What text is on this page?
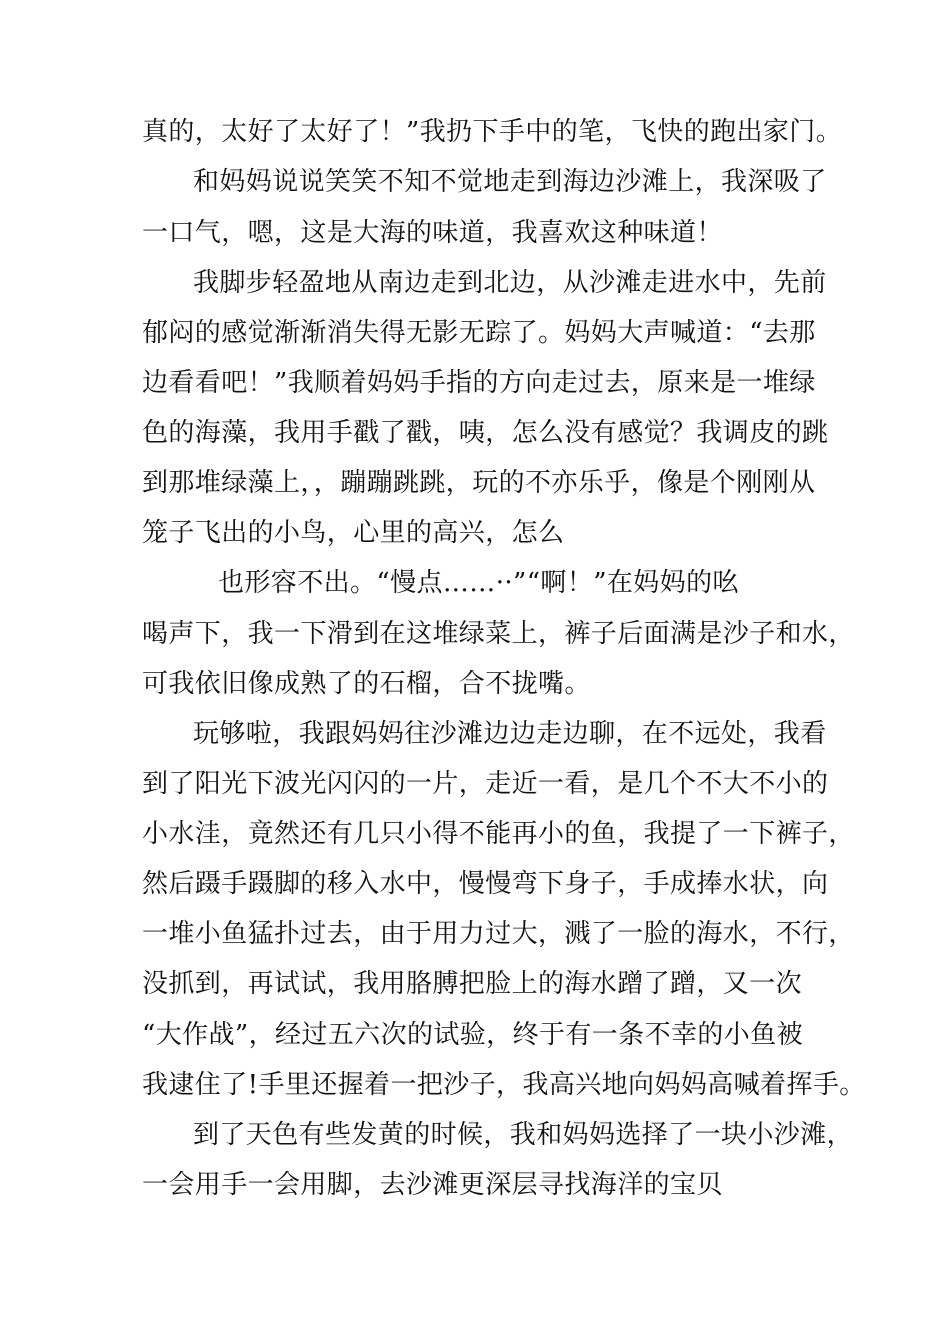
真的，太好了太好了！”我扔下手中的笔，飞快的跑出家门。
和妈妈说说笑笑不知不觉地走到海边沙滩上，我深吸了
一口气，嗯，这是大海的味道，我喜欢这种味道！
我脚步轻盈地从南边走到北边，从沙滩走进水中，先前
郁闷的感觉渐渐消失得无影无踪了。妈妈大声喊道：“去那
边看看吧！”我顺着妈妈手指的方向走过去，原来是一堆绿
色的海藻，我用手戳了戳，咦，怎么没有感觉？我调皮的跳
到那堆绿藻上，，蹦蹦跳跳，玩的不亦乐乎，像是个刚刚从
笼子飞出的小鸟，心里的高兴，怎么
也形容不出。“慢点……··”“啊！”在妈妈的吆
喝声下，我一下滑到在这堆绿菜上，裤子后面满是沙子和水，
可我依旧像成熟了的石榴，合不拢嘴。
玩够啦，我跟妈妈往沙滩边边走边聊，在不远处，我看
到了阳光下波光闪闪的一片，走近一看，是几个不大不小的
小水洼，竟然还有几只小得不能再小的鱼，我提了一下裤子，
然后蹑手蹑脚的移入水中，慢慢弯下身子，手成捧水状，向
一堆小鱼猛扑过去，由于用力过大，溅了一脸的海水，不行，
没抓到，再试试，我用胳膊把脸上的海水蹭了蹭，又一次
“大作战”，经过五六次的试验，终于有一条不幸的小鱼被
我逮住了!手里还握着一把沙子，我高兴地向妈妈高喊着挥手。
到了天色有些发黄的时候，我和妈妈选择了一块小沙滩，
一会用手一会用脚，去沙滩更深层寻找海洋的宝贝
